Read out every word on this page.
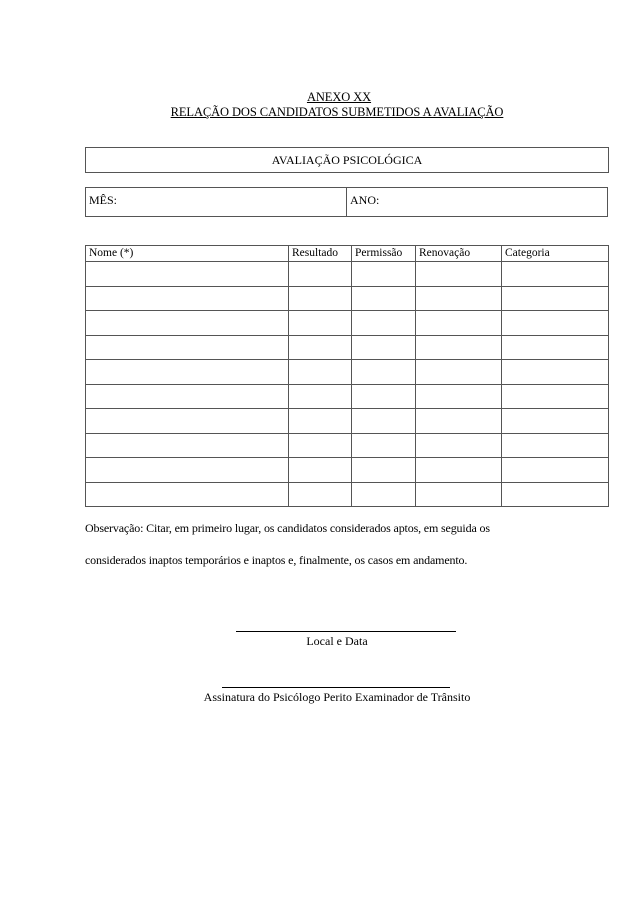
ANEXO XX
RELAÇÃO DOS CANDIDATOS SUBMETIDOS A AVALIAÇÃO
AVALIAÇÃO PSICOLÓGICA
MÊS:	ANO:
Nome (*)	Resultado	Permissão	Renovação	Categoria

Observação: Citar, em primeiro lugar, os candidatos considerados aptos, em seguida os
considerados inaptos temporários e inaptos e, finalmente, os casos em andamento.
Local e Data
Assinatura do Psicólogo Perito Examinador de Trânsito
